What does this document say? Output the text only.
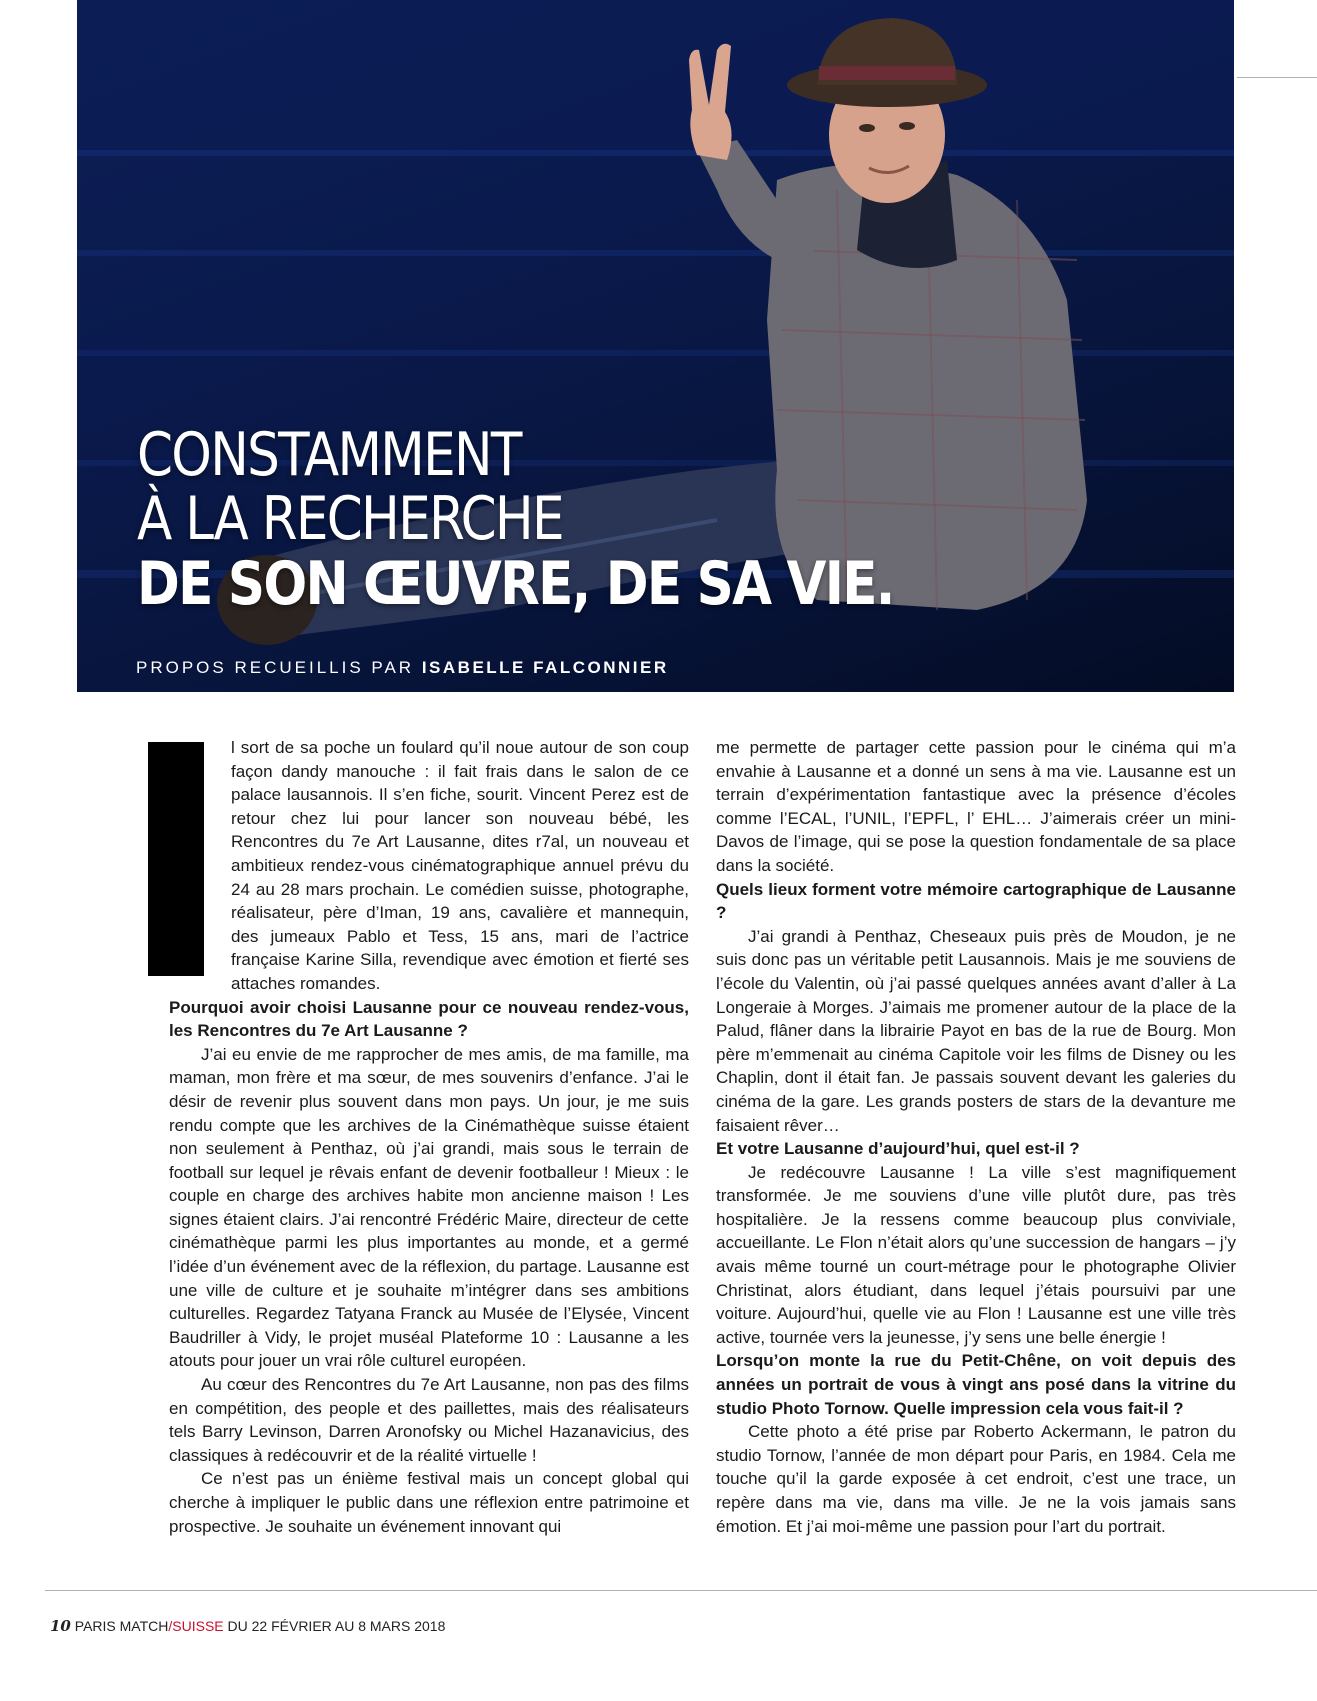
CONSTAMMENT
À LA RECHERCHE
DE SON ŒUVRE, DE SA VIE.
PROPOS RECUEILLIS PAR ISABELLE FALCONNIER

l sort de sa poche un foulard qu’il noue autour de son coup façon dandy manouche : il fait frais dans le salon de ce palace lausannois. Il s’en fiche, sourit. Vincent Perez est de retour chez lui pour lancer son nouveau bébé, les Rencontres du 7e Art Lausanne, dites r7al, un nouveau et ambitieux rendez-vous cinématographique annuel prévu du 24 au 28 mars prochain. Le comédien suisse, photographe, réalisateur, père d’Iman, 19 ans, cavalière et mannequin, des jumeaux Pablo et Tess, 15 ans, mari de l’actrice française Karine Silla, revendique avec émotion et fierté ses attaches romandes.

Pourquoi avoir choisi Lausanne pour ce nouveau rendez-vous, les Rencontres du 7e Art Lausanne ?

J’ai eu envie de me rapprocher de mes amis, de ma famille, ma maman, mon frère et ma sœur, de mes souvenirs d’enfance. J’ai le désir de revenir plus souvent dans mon pays. Un jour, je me suis rendu compte que les archives de la Cinémathèque suisse étaient non seulement à Penthaz, où j’ai grandi, mais sous le terrain de football sur lequel je rêvais enfant de devenir footballeur ! Mieux : le couple en charge des archives habite mon ancienne maison ! Les signes étaient clairs. J’ai rencontré Frédéric Maire, directeur de cette cinémathèque parmi les plus importantes au monde, et a germé l’idée d’un événement avec de la réflexion, du partage. Lausanne est une ville de culture et je souhaite m’intégrer dans ses ambitions culturelles. Regardez Tatyana Franck au Musée de l’Elysée, Vincent Baudriller à Vidy, le projet muséal Plateforme 10 : Lausanne a les atouts pour jouer un vrai rôle culturel européen.

Au cœur des Rencontres du 7e Art Lausanne, non pas des films en compétition, des people et des paillettes, mais des réalisateurs tels Barry Levinson, Darren Aronofsky ou Michel Hazanavicius, des classiques à redécouvrir et de la réalité virtuelle !

Ce n’est pas un énième festival mais un concept global qui cherche à impliquer le public dans une réflexion entre patrimoine et prospective. Je souhaite un événement innovant qui

me permette de partager cette passion pour le cinéma qui m’a envahie à Lausanne et a donné un sens à ma vie. Lausanne est un terrain d’expérimentation fantastique avec la présence d’écoles comme l’ECAL, l’UNIL, l’EPFL, l’ EHL… J’aimerais créer un mini-Davos de l’image, qui se pose la question fondamentale de sa place dans la société.

Quels lieux forment votre mémoire cartographique de Lausanne ?

J’ai grandi à Penthaz, Cheseaux puis près de Moudon, je ne suis donc pas un véritable petit Lausannois. Mais je me souviens de l’école du Valentin, où j’ai passé quelques années avant d’aller à La Longeraie à Morges. J’aimais me promener autour de la place de la Palud, flâner dans la librairie Payot en bas de la rue de Bourg. Mon père m’emmenait au cinéma Capitole voir les films de Disney ou les Chaplin, dont il était fan. Je passais souvent devant les galeries du cinéma de la gare. Les grands posters de stars de la devanture me faisaient rêver…

Et votre Lausanne d’aujourd’hui, quel est-il ?

Je redécouvre Lausanne ! La ville s’est magnifiquement transformée. Je me souviens d’une ville plutôt dure, pas très hospitalière. Je la ressens comme beaucoup plus conviviale, accueillante. Le Flon n’était alors qu’une succession de hangars – j’y avais même tourné un court-métrage pour le photographe Olivier Christinat, alors étudiant, dans lequel j’étais poursuivi par une voiture. Aujourd’hui, quelle vie au Flon ! Lausanne est une ville très active, tournée vers la jeunesse, j’y sens une belle énergie !

Lorsqu’on monte la rue du Petit-Chêne, on voit depuis des années un portrait de vous à vingt ans posé dans la vitrine du studio Photo Tornow. Quelle impression cela vous fait-il ?

Cette photo a été prise par Roberto Ackermann, le patron du studio Tornow, l’année de mon départ pour Paris, en 1984. Cela me touche qu’il la garde exposée à cet endroit, c’est une trace, un repère dans ma vie, dans ma ville. Je ne la vois jamais sans émotion. Et j’ai moi-même une passion pour l’art du portrait.

10 PARIS MATCH/SUISSE DU 22 FÉVRIER AU 8 MARS 2018
